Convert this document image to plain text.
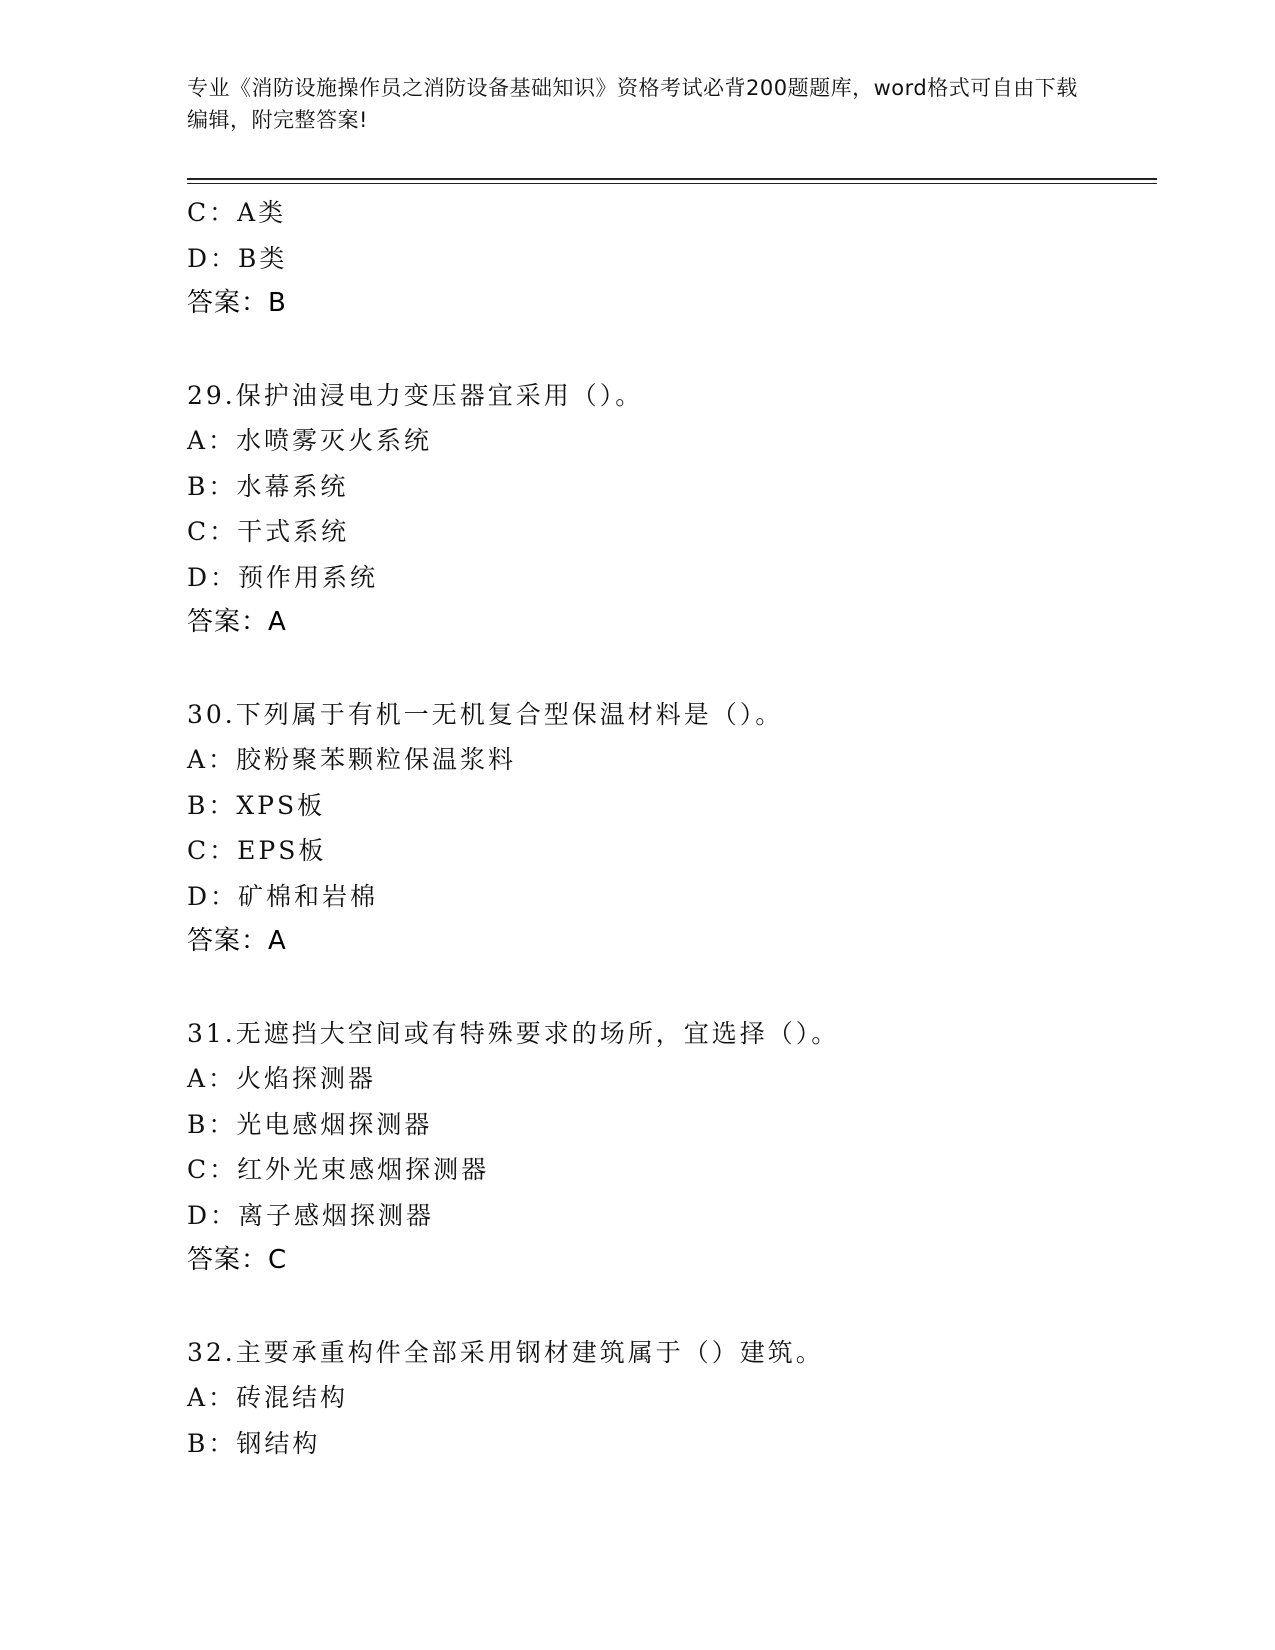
专业《消防设施操作员之消防设备基础知识》资格考试必背200题题库，word格式可自由下载编辑，附完整答案!
C：A类
D：B类
答案：B
29.保护油浸电力变压器宜采用（）。
A：水喷雾灭火系统
B：水幕系统
C：干式系统
D：预作用系统
答案：A
30.下列属于有机一无机复合型保温材料是（）。
A：胶粉聚苯颗粒保温浆料
B：XPS板
C：EPS板
D：矿棉和岩棉
答案：A
31.无遮挡大空间或有特殊要求的场所，宜选择（）。
A：火焰探测器
B：光电感烟探测器
C：红外光束感烟探测器
D：离子感烟探测器
答案：C
32.主要承重构件全部采用钢材建筑属于（）建筑。
A：砖混结构
B：钢结构
